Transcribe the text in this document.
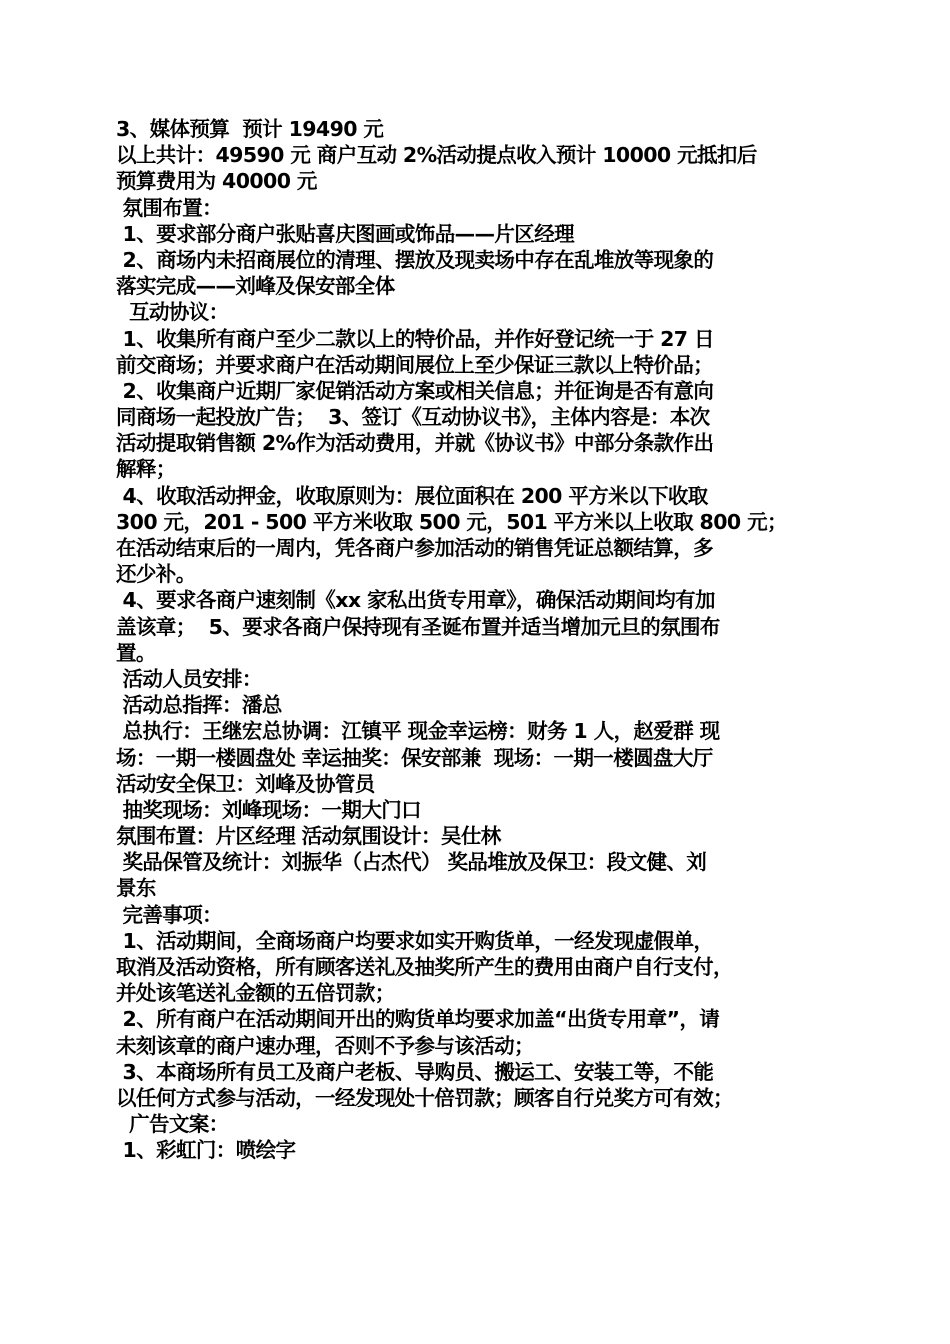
3、媒体预算  预计 19490 元
以上共计：49590 元 商户互动 2%活动提点收入预计 10000 元抵扣后
预算费用为 40000 元
氛围布置：
1、要求部分商户张贴喜庆图画或饰品——片区经理
2、商场内未招商展位的清理、摆放及现卖场中存在乱堆放等现象的
落实完成——刘峰及保安部全体
互动协议：
1、收集所有商户至少二款以上的特价品，并作好登记统一于 27 日
前交商场；并要求商户在活动期间展位上至少保证三款以上特价品；
2、收集商户近期厂家促销活动方案或相关信息；并征询是否有意向
同商场一起投放广告；  3、签订《互动协议书》，主体内容是：本次
活动提取销售额 2%作为活动费用，并就《协议书》中部分条款作出
解释；
4、收取活动押金，收取原则为：展位面积在 200 平方米以下收取
300 元，201 - 500 平方米收取 500 元，501 平方米以上收取 800 元；
在活动结束后的一周内，凭各商户参加活动的销售凭证总额结算，多
还少补。
4、要求各商户速刻制《xx 家私出货专用章》，确保活动期间均有加
盖该章；  5、要求各商户保持现有圣诞布置并适当增加元旦的氛围布
置。
活动人员安排：
活动总指挥：潘总
总执行：王继宏总协调：江镇平 现金幸运榜：财务 1 人，赵爱群 现
场：一期一楼圆盘处 幸运抽奖：保安部兼  现场：一期一楼圆盘大厅
活动安全保卫：刘峰及协管员
抽奖现场：刘峰现场：一期大门口
氛围布置：片区经理 活动氛围设计：吴仕林
奖品保管及统计：刘振华（占杰代） 奖品堆放及保卫：段文健、刘
景东
完善事项：
1、活动期间，全商场商户均要求如实开购货单，一经发现虚假单，
取消及活动资格，所有顾客送礼及抽奖所产生的费用由商户自行支付，
并处该笔送礼金额的五倍罚款；
2、所有商户在活动期间开出的购货单均要求加盖“出货专用章”，请
未刻该章的商户速办理，否则不予参与该活动；
3、本商场所有员工及商户老板、导购员、搬运工、安装工等，不能
以任何方式参与活动，一经发现处十倍罚款；顾客自行兑奖方可有效；
广告文案：
1、彩虹门：喷绘字
